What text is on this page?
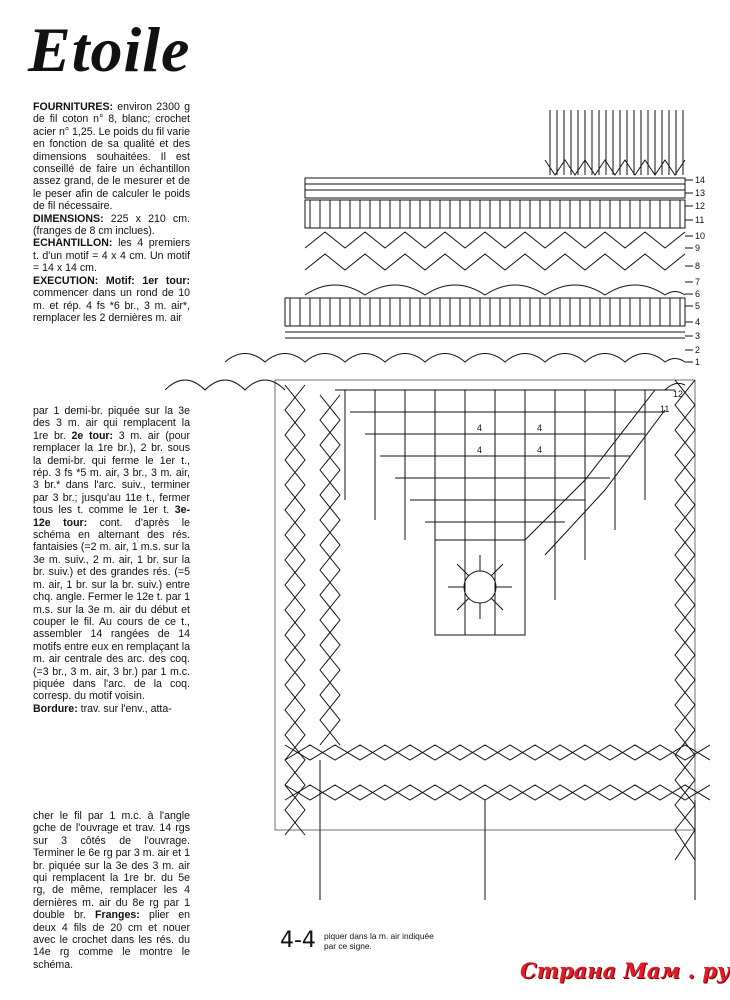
Etoile
FOURNITURES: environ 2300 g de fil coton n° 8, blanc; crochet acier n° 1,25. Le poids du fil varie en fonction de sa qualité et des dimensions souhaitées. Il est conseillé de faire un échantillon assez grand, de le mesurer et de le peser afin de calculer le poids de fil nécessaire.
DIMENSIONS: 225 x 210 cm. (franges de 8 cm inclues).
ECHANTILLON: les 4 premiers t. d'un motif = 4 x 4 cm. Un motif = 14 x 14 cm.
EXECUTION: Motif: 1er tour: commencer dans un rond de 10 m. et rép. 4 fs *6 br., 3 m. air*, remplacer les 2 dernières m. air
par 1 demi-br. piquée sur la 3e des 3 m. air qui remplacent la 1re br. 2e tour: 3 m. air (pour remplacer la 1re br.), 2 br. sous la demi-br. qui ferme le 1er t., rép. 3 fs *5 m. air, 3 br., 3 m. air, 3 br.* dans l'arc. suiv., terminer par 3 br.; jusqu'au 11e t., fermer tous les t. comme le 1er t. 3e-12e tour: cont. d'après le schéma en alternant des rés. fantaisies (=2 m. air, 1 m.s. sur la 3e m. suiv., 2 m. air, 1 br. sur la br. suiv.) et des grandes rés. (=5 m. air, 1 br. sur la br. suiv.) entre chq. angle. Fermer le 12e t. par 1 m.s. sur la 3e m. air du début et couper le fil. Au cours de ce t., assembler 14 rangées de 14 motifs entre eux en remplaçant la m. air centrale des arc. des coq. (=3 br., 3 m. air, 3 br.) par 1 m.c. piquée dans l'arc. de la coq. corresp. du motif voisin.
Bordure: trav. sur l'env., atta-
cher le fil par 1 m.c. à l'angle gche de l'ouvrage et trav. 14 rgs sur 3 côtés de l'ouvrage. Terminer le 6e rg par 3 m. air et 1 br. piquée sur la 3e des 3 m. air qui remplacent la 1re br. du 5e rg, de même, remplacer les 4 dernières m. air du 8e rg par 1 double br. Franges: plier en deux 4 fils de 20 cm et nouer avec le crochet dans les rés. du 14e rg comme le montre le schéma.
14
13
12
11
10
9
8
7
6
5
4
3
2
1
12
11
4	4
4	4
4-4 piquer dans la m. air indiquée par ce signe.
Страна Мам . ру
